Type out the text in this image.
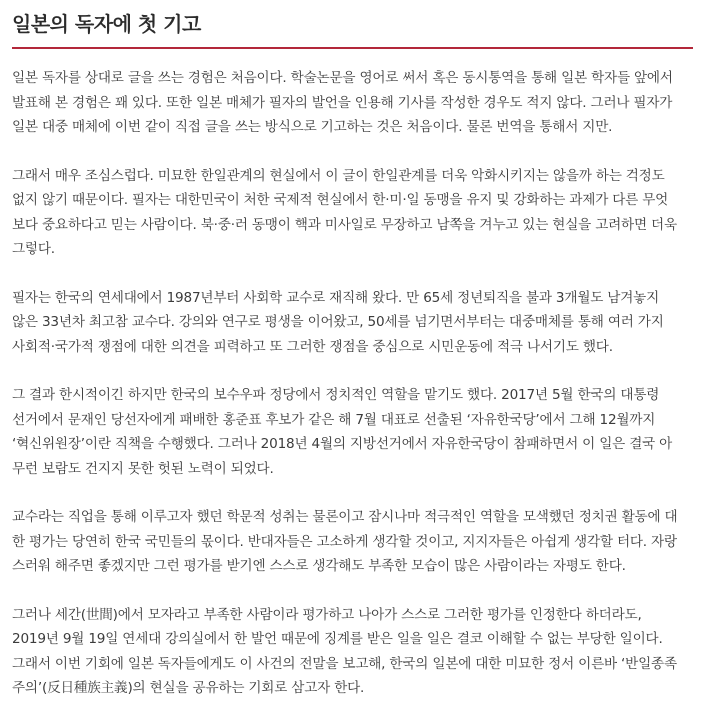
일본의 독자에 첫 기고

일본 독자를 상대로 글을 쓰는 경험은 처음이다. 학술논문을 영어로 써서 혹은 동시통역을 통해 일본 학자들 앞에서
발표해 본 경험은 꽤 있다. 또한 일본 매체가 필자의 발언을 인용해 기사를 작성한 경우도 적지 않다. 그러나 필자가
일본 대중 매체에 이번 같이 직접 글을 쓰는 방식으로 기고하는 것은 처음이다. 물론 번역을 통해서 지만.

그래서 매우 조심스럽다. 미묘한 한일관계의 현실에서 이 글이 한일관계를 더욱 악화시키지는 않을까 하는 걱정도
없지 않기 때문이다. 필자는 대한민국이 처한 국제적 현실에서 한·미·일 동맹을 유지 및 강화하는 과제가 다른 무엇
보다 중요하다고 믿는 사람이다. 북·중·러 동맹이 핵과 미사일로 무장하고 남쪽을 겨누고 있는 현실을 고려하면 더욱
그렇다.

필자는 한국의 연세대에서 1987년부터 사회학 교수로 재직해 왔다. 만 65세 정년퇴직을 불과 3개월도 남겨놓지
않은 33년차 최고참 교수다. 강의와 연구로 평생을 이어왔고, 50세를 넘기면서부터는 대중매체를 통해 여러 가지
사회적·국가적 쟁점에 대한 의견을 피력하고 또 그러한 쟁점을 중심으로 시민운동에 적극 나서기도 했다.

그 결과 한시적이긴 하지만 한국의 보수우파 정당에서 정치적인 역할을 맡기도 했다. 2017년 5월 한국의 대통령
선거에서 문재인 당선자에게 패배한 홍준표 후보가 같은 해 7월 대표로 선출된 ‘자유한국당’에서 그해 12월까지
‘혁신위원장’이란 직책을 수행했다. 그러나 2018년 4월의 지방선거에서 자유한국당이 참패하면서 이 일은 결국 아
무런 보람도 건지지 못한 헛된 노력이 되었다.

교수라는 직업을 통해 이루고자 했던 학문적 성취는 물론이고 잠시나마 적극적인 역할을 모색했던 정치권 활동에 대
한 평가는 당연히 한국 국민들의 몫이다. 반대자들은 고소하게 생각할 것이고, 지지자들은 아쉽게 생각할 터다. 자랑
스러워 해주면 좋겠지만 그런 평가를 받기엔 스스로 생각해도 부족한 모습이 많은 사람이라는 자평도 한다.

그러나 세간(世間)에서 모자라고 부족한 사람이라 평가하고 나아가 스스로 그러한 평가를 인정한다 하더라도,
2019년 9월 19일 연세대 강의실에서 한 발언 때문에 징계를 받은 일을 일은 결코 이해할 수 없는 부당한 일이다.
그래서 이번 기회에 일본 독자들에게도 이 사건의 전말을 보고해, 한국의 일본에 대한 미묘한 정서 이른바 ‘반일종족
주의’(反日種族主義)의 현실을 공유하는 기회로 삼고자 한다.
